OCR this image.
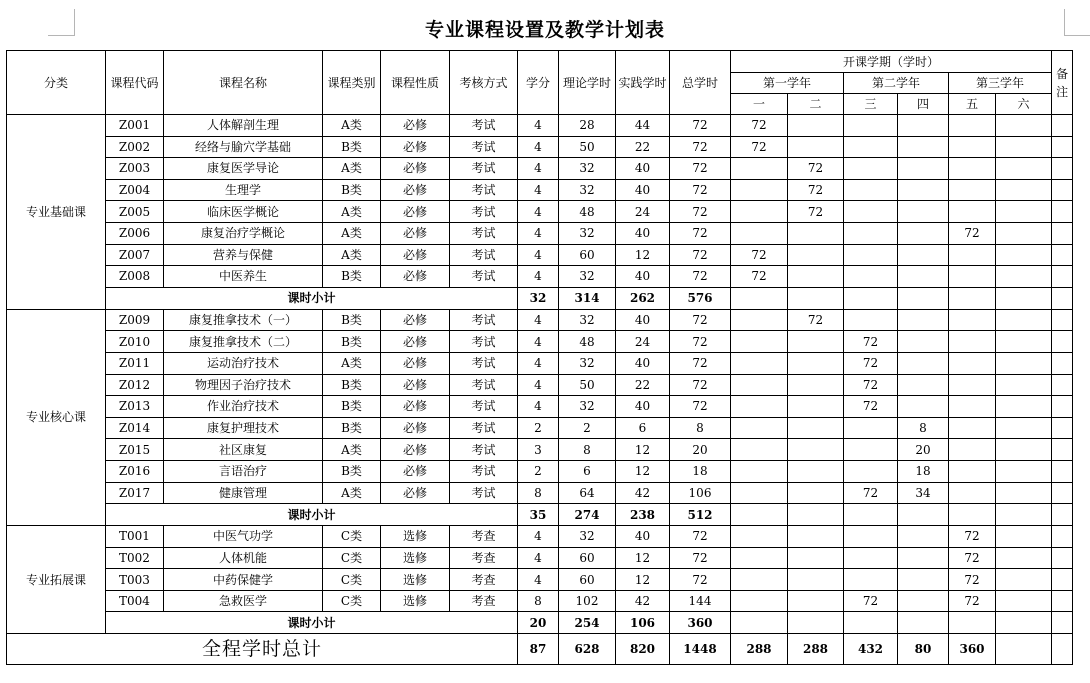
专业课程设置及教学计划表
分类	课程代码	课程名称	课程类别	课程性质	考核方式	学分	理论学时	实践学时	总学时	开课学期（学时）						备注
										第一学年		第二学年		第三学年		
										一	二	三	四	五	六	
专业基础课	Z001	人体解剖生理	A类	必修	考试	4	28	44	72	72						
	Z002	经络与腧穴学基础	B类	必修	考试	4	50	22	72	72						
	Z003	康复医学导论	A类	必修	考试	4	32	40	72		72					
	Z004	生理学	B类	必修	考试	4	32	40	72		72					
	Z005	临床医学概论	A类	必修	考试	4	48	24	72		72					
	Z006	康复治疗学概论	A类	必修	考试	4	32	40	72					72		
	Z007	营养与保健	A类	必修	考试	4	60	12	72	72						
	Z008	中医养生	B类	必修	考试	4	32	40	72	72						
	课时小计					32	314	262	576							
专业核心课	Z009	康复推拿技术（一）	B类	必修	考试	4	32	40	72		72					
	Z010	康复推拿技术（二）	B类	必修	考试	4	48	24	72			72				
	Z011	运动治疗技术	A类	必修	考试	4	32	40	72			72				
	Z012	物理因子治疗技术	B类	必修	考试	4	50	22	72			72				
	Z013	作业治疗技术	B类	必修	考试	4	32	40	72			72				
	Z014	康复护理技术	B类	必修	考试	2	2	6	8				8			
	Z015	社区康复	A类	必修	考试	3	8	12	20				20			
	Z016	言语治疗	B类	必修	考试	2	6	12	18				18			
	Z017	健康管理	A类	必修	考试	8	64	42	106			72	34			
	课时小计					35	274	238	512							
专业拓展课	T001	中医气功学	C类	选修	考查	4	32	40	72					72		
	T002	人体机能	C类	选修	考查	4	60	12	72					72		
	T003	中药保健学	C类	选修	考查	4	60	12	72					72		
	T004	急救医学	C类	选修	考查	8	102	42	144			72		72		
	课时小计					20	254	106	360							
全程学时总计						87	628	820	1448	288	288	432	80	360		
